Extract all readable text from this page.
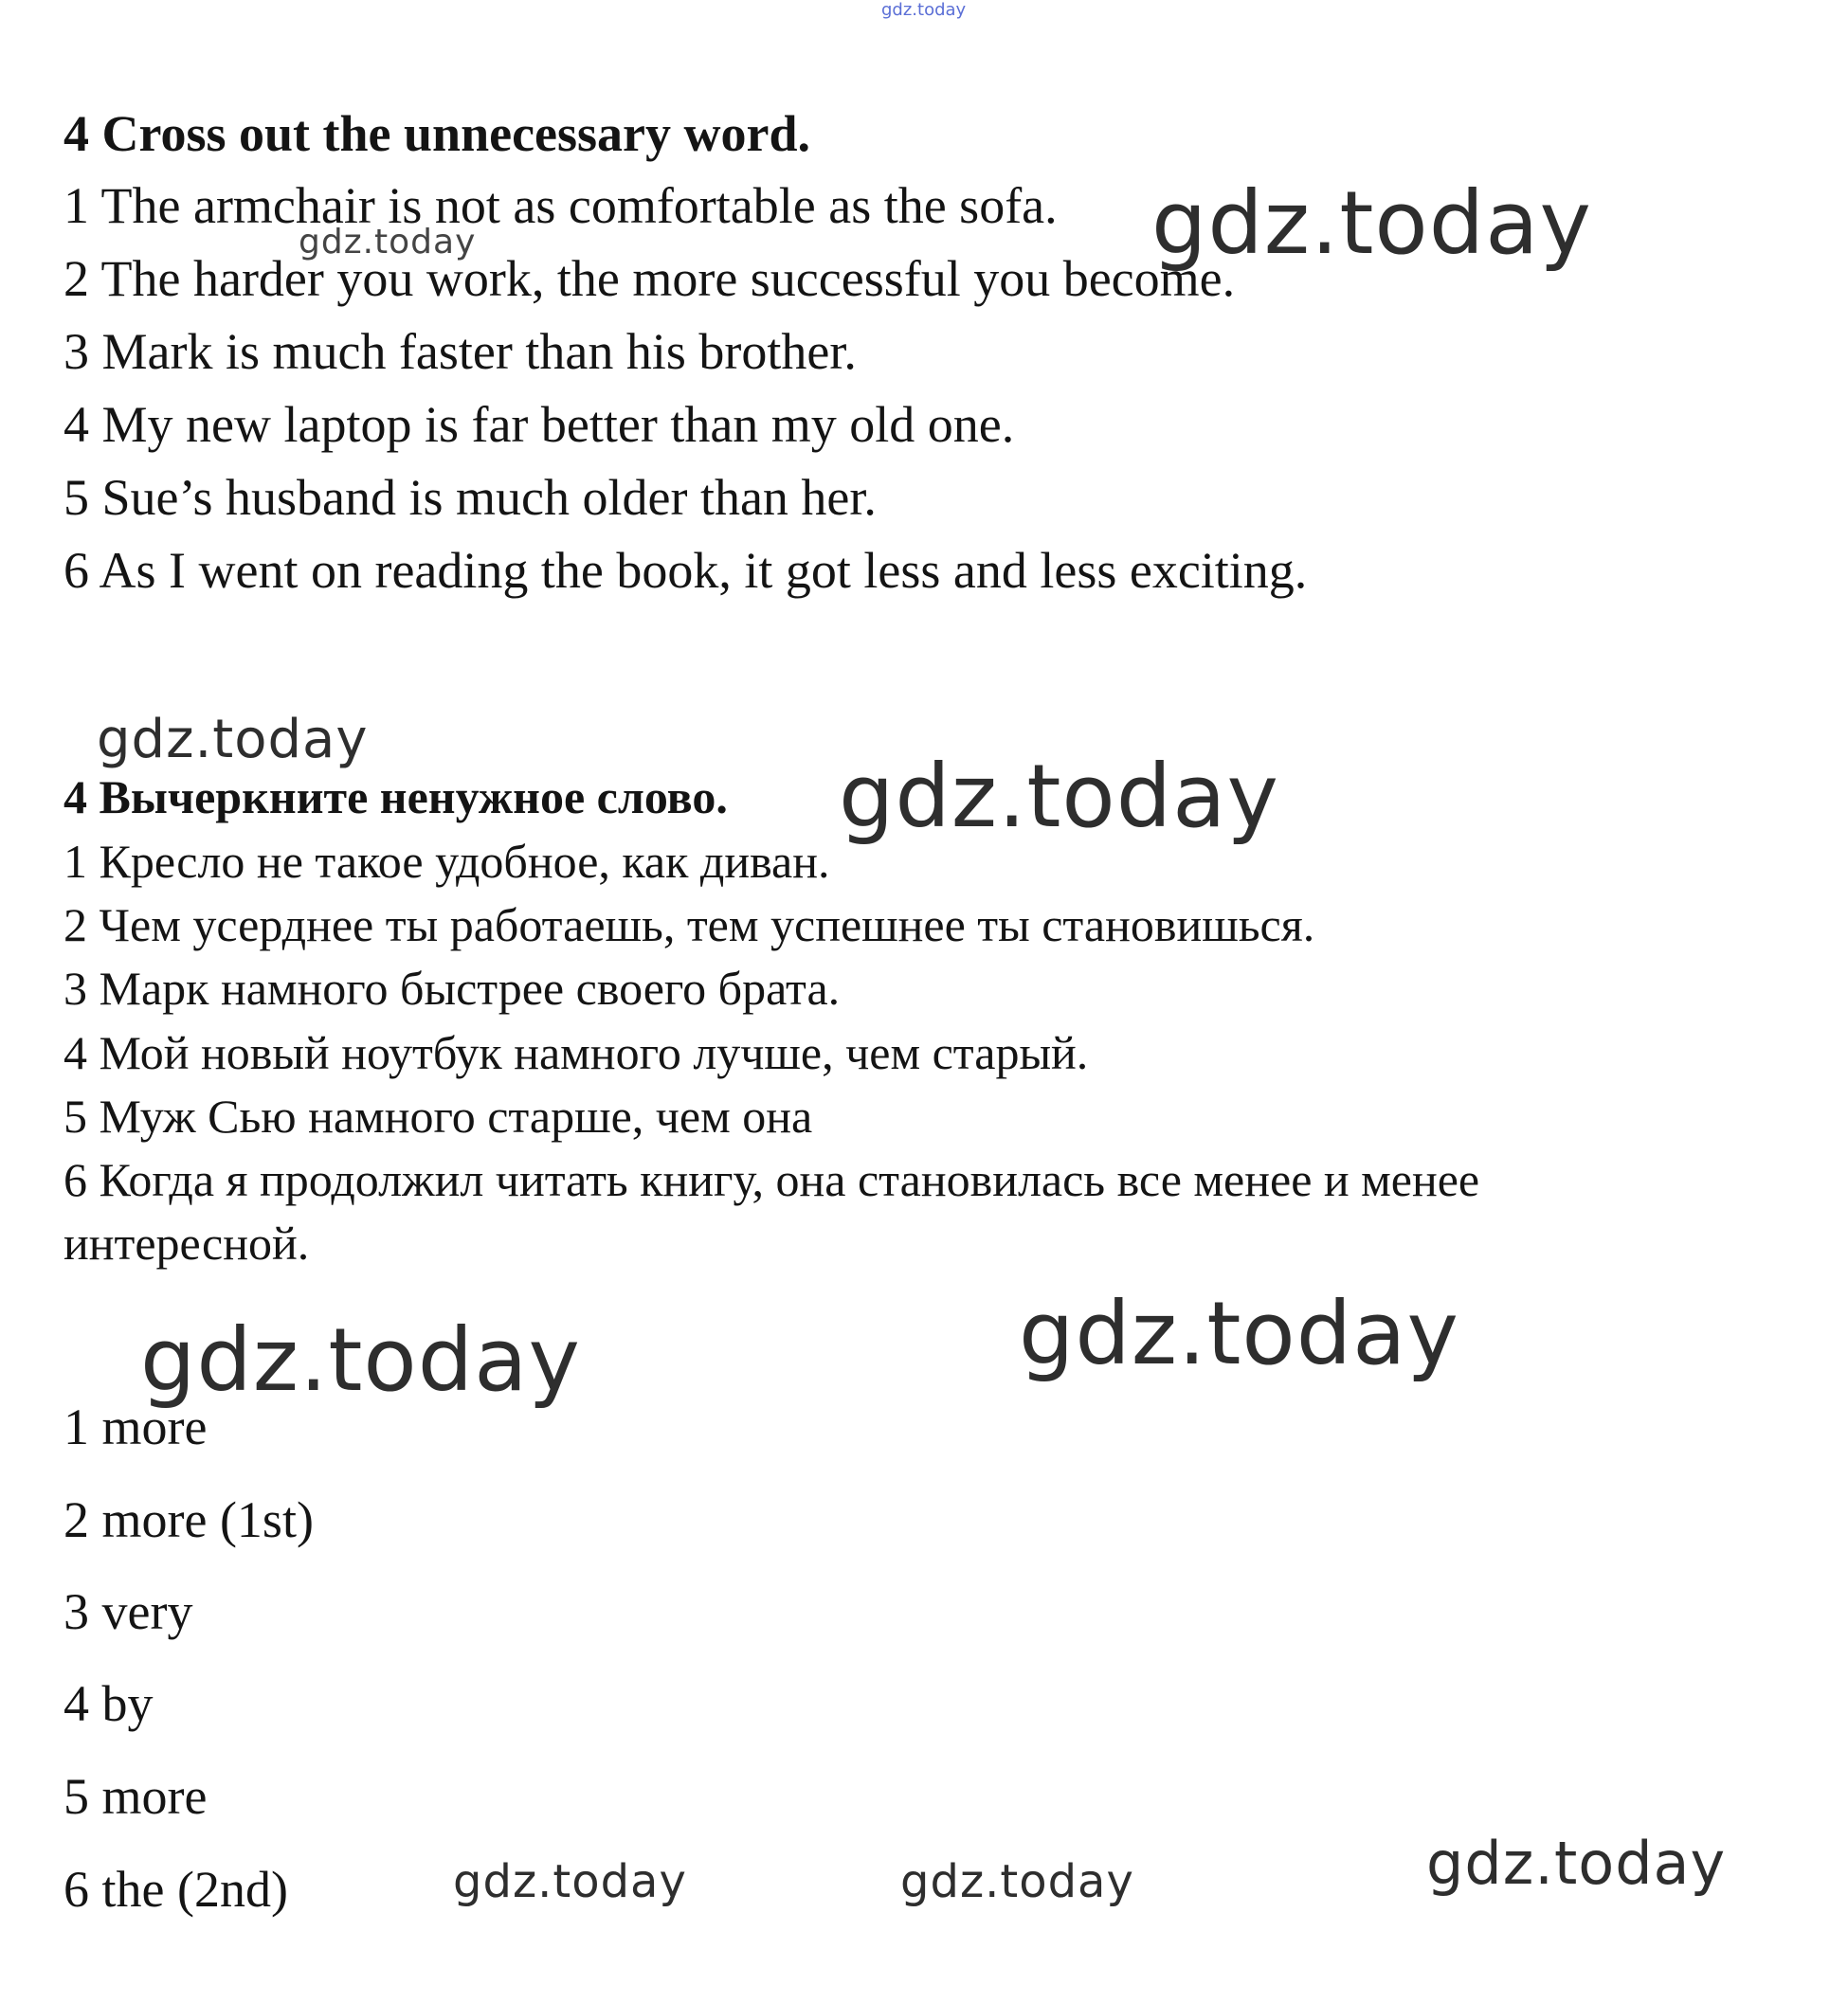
gdz.today
4 Cross out the unnecessary word.
1 The armchair is not as comfortable as the sofa.
2 The harder you work, the more successful you become.
3 Mark is much faster than his brother.
4 My new laptop is far better than my old one.
5 Sue’s husband is much older than her.
6 As I went on reading the book, it got less and less exciting.
4 Вычеркните ненужное слово.
1 Кресло не такое удобное, как диван.
2 Чем усерднее ты работаешь, тем успешнее ты становишься.
3 Марк намного быстрее своего брата.
4 Мой новый ноутбук намного лучше, чем старый.
5 Муж Сью намного старше, чем она
6 Когда я продолжил читать книгу, она становилась все менее и менее
интересной.
1 more
2 more (1st)
3 very
4 by
5 more
6 the (2nd)
gdz.today
gdz.today
gdz.today
gdz.today
gdz.today	gdz.today
gdz.today	gdz.today	gdz.today
